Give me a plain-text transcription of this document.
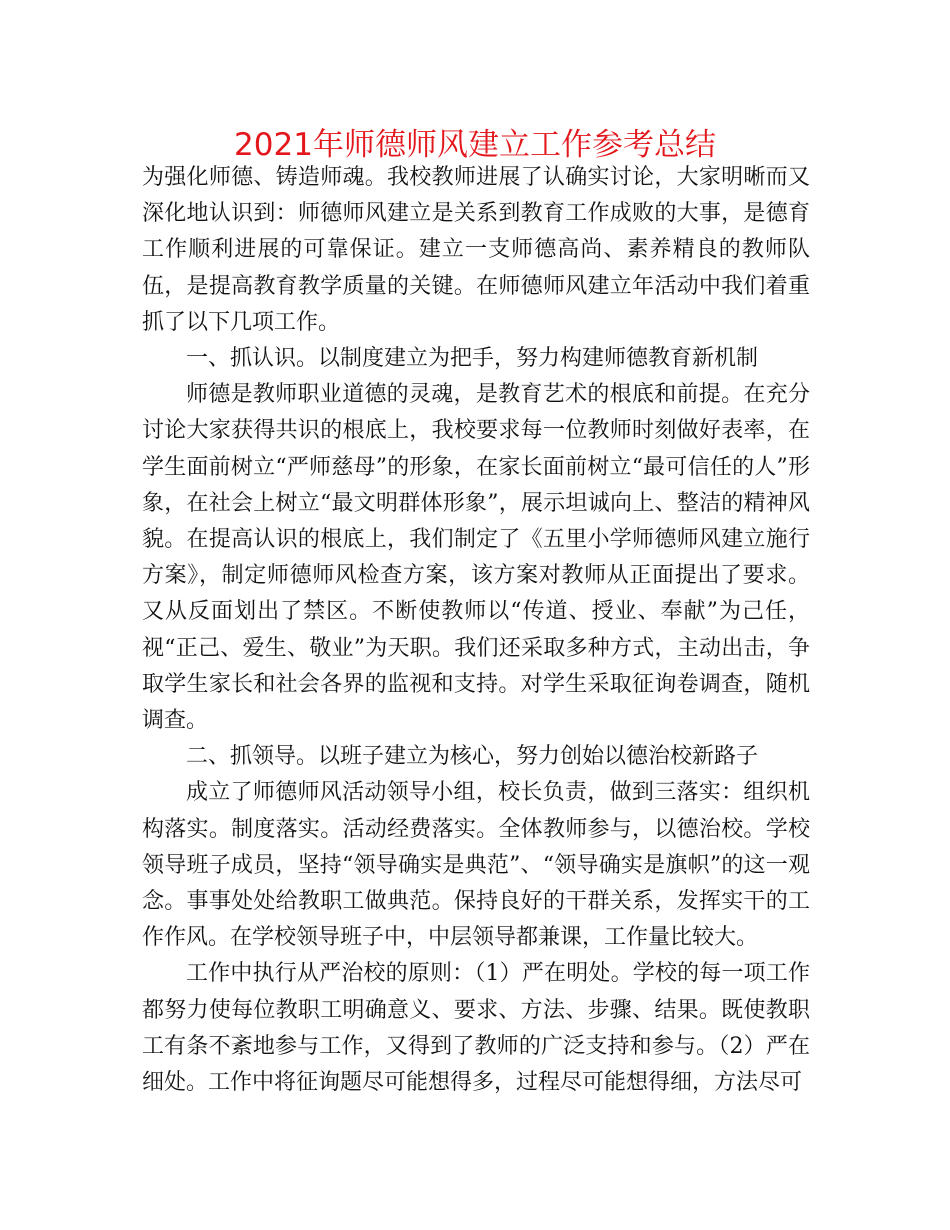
2021年师德师风建立工作参考总结

为强化师德、铸造师魂。我校教师进展了认确实讨论，大家明晰而又深化地认识到：师德师风建立是关系到教育工作成败的大事，是德育工作顺利进展的可靠保证。建立一支师德高尚、素养精良的教师队伍，是提高教育教学质量的关键。在师德师风建立年活动中我们着重抓了以下几项工作。

一、抓认识。以制度建立为把手，努力构建师德教育新机制

师德是教师职业道德的灵魂，是教育艺术的根底和前提。在充分讨论大家获得共识的根底上，我校要求每一位教师时刻做好表率，在学生面前树立“严师慈母”的形象，在家长面前树立“最可信任的人”形象，在社会上树立“最文明群体形象”，展示坦诚向上、整洁的精神风貌。在提高认识的根底上，我们制定了《五里小学师德师风建立施行方案》，制定师德师风检查方案，该方案对教师从正面提出了要求。又从反面划出了禁区。不断使教师以“传道、授业、奉献”为己任，视“正己、爱生、敬业”为天职。我们还采取多种方式，主动出击，争取学生家长和社会各界的监视和支持。对学生采取征询卷调查，随机调查。

二、抓领导。以班子建立为核心，努力创始以德治校新路子

成立了师德师风活动领导小组，校长负责，做到三落实：组织机构落实。制度落实。活动经费落实。全体教师参与，以德治校。学校领导班子成员，坚持“领导确实是典范”、“领导确实是旗帜”的这一观念。事事处处给教职工做典范。保持良好的干群关系，发挥实干的工作作风。在学校领导班子中，中层领导都兼课，工作量比较大。

工作中执行从严治校的原则：（1）严在明处。学校的每一项工作都努力使每位教职工明确意义、要求、方法、步骤、结果。既使教职工有条不紊地参与工作，又得到了教师的广泛支持和参与。（2）严在细处。工作中将征询题尽可能想得多，过程尽可能想得细，方法尽可
